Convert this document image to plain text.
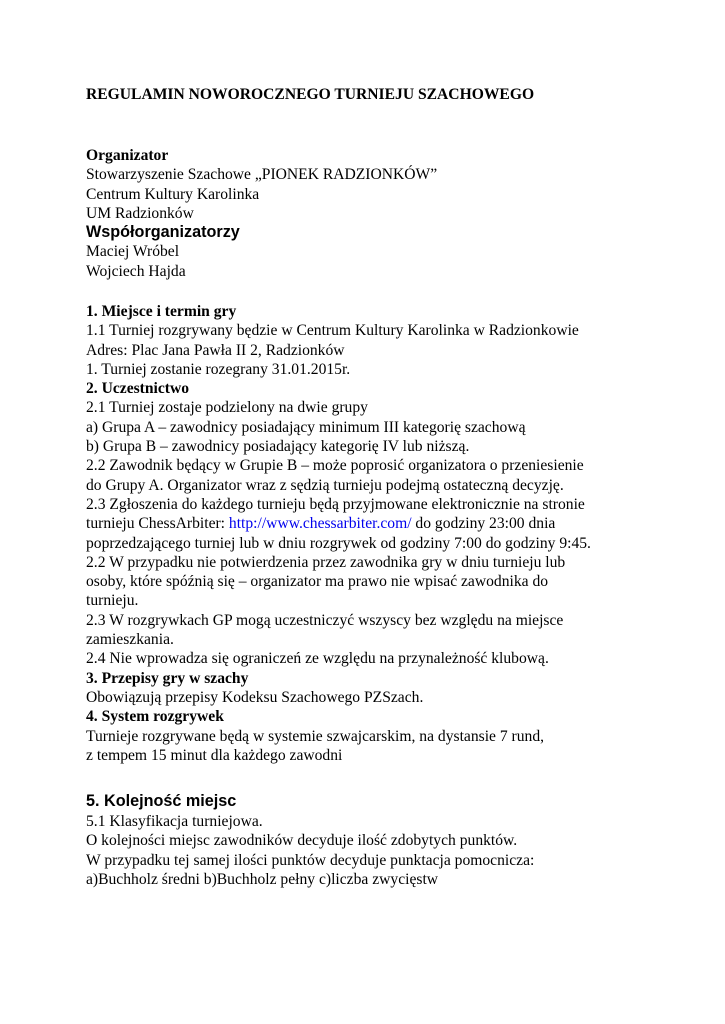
REGULAMIN NOWOROCZNEGO TURNIEJU SZACHOWEGO
Organizator
Stowarzyszenie Szachowe „PIONEK RADZIONKÓW”
Centrum Kultury Karolinka
UM Radzionków
Współorganizatorzy
Maciej Wróbel
Wojciech Hajda
1. Miejsce i termin gry
1.1 Turniej rozgrywany będzie w Centrum Kultury Karolinka w Radzionkowie
Adres: Plac Jana Pawła II 2, Radzionków
1. Turniej zostanie rozegrany 31.01.2015r.
2. Uczestnictwo
2.1 Turniej zostaje podzielony na dwie grupy
a) Grupa A – zawodnicy posiadający minimum III kategorię szachową
b) Grupa B – zawodnicy posiadający kategorię IV lub niższą.
2.2 Zawodnik będący w Grupie B – może poprosić organizatora o przeniesienie
do Grupy A. Organizator wraz z sędzią turnieju podejmą ostateczną decyzję.
2.3 Zgłoszenia do każdego turnieju będą przyjmowane elektronicznie na stronie
turnieju ChessArbiter: http://www.chessarbiter.com/ do godziny 23:00 dnia
poprzedzającego turniej lub w dniu rozgrywek od godziny 7:00 do godziny 9:45.
2.2 W przypadku nie potwierdzenia przez zawodnika gry w dniu turnieju lub
osoby, które spóźnią się – organizator ma prawo nie wpisać zawodnika do
turnieju.
2.3 W rozgrywkach GP mogą uczestniczyć wszyscy bez względu na miejsce
zamieszkania.
2.4 Nie wprowadza się ograniczeń ze względu na przynależność klubową.
3. Przepisy gry w szachy
Obowiązują przepisy Kodeksu Szachowego PZSzach.
4. System rozgrywek
Turnieje rozgrywane będą w systemie szwajcarskim, na dystansie 7 rund,
z tempem 15 minut dla każdego zawodni
5. Kolejność miejsc
5.1 Klasyfikacja turniejowa.
O kolejności miejsc zawodników decyduje ilość zdobytych punktów.
W przypadku tej samej ilości punktów decyduje punktacja pomocnicza:
a)Buchholz średni b)Buchholz pełny c)liczba zwycięstw
